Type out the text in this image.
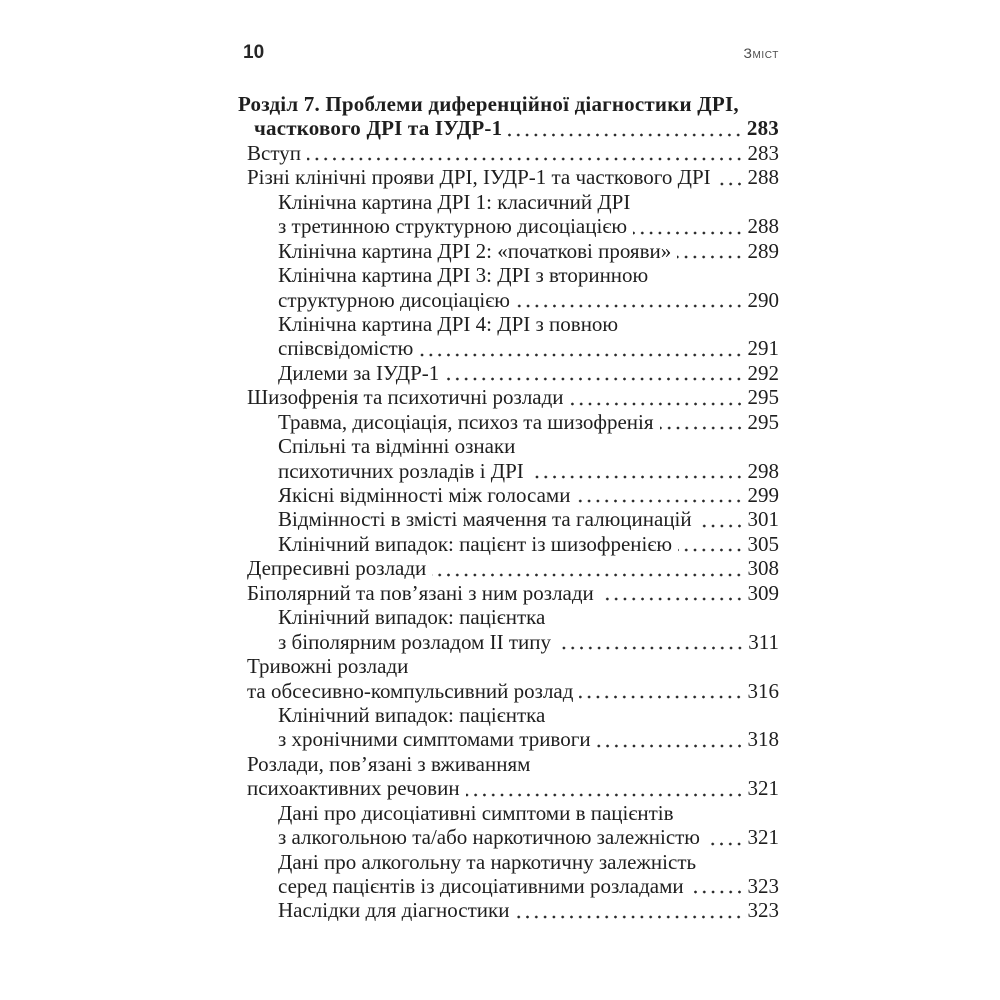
10	Зміст
Розділ 7. Проблеми диференційної діагностики ДРІ,
часткового ДРІ та ІУДР-1	283
Вступ	283
Різні клінічні прояви ДРІ, ІУДР-1 та часткового ДРІ 288
Клінічна картина ДРІ 1: класичний ДРІ
з третинною структурною дисоціацією	288
Клінічна картина ДРІ 2: «початкові прояви»	289
Клінічна картина ДРІ 3: ДРІ з вторинною
структурною дисоціацією	290
Клінічна картина ДРІ 4: ДРІ з повною
співсвідомістю	291
Дилеми за ІУДР-1	292
Шизофренія та психотичні розлади	295
Травма, дисоціація, психоз та шизофренія	295
Спільні та відмінні ознаки
психотичних розладів і ДРІ	298
Якісні відмінності між голосами	299
Відмінності в змісті маячення та галюцинацій	301
Клінічний випадок: пацієнт із шизофренією	305
Депресивні розлади	308
Біполярний та пов’язані з ним розлади	309
Клінічний випадок: пацієнтка
з біполярним розладом II типу	311
Тривожні розлади
та обсесивно-компульсивний розлад	316
Клінічний випадок: пацієнтка
з хронічними симптомами тривоги	318
Розлади, пов’язані з вживанням
психоактивних речовин	321
Дані про дисоціативні симптоми в пацієнтів
з алкогольною та/або наркотичною залежністю 321
Дані про алкогольну та наркотичну залежність
серед пацієнтів із дисоціативними розладами	323
Наслідки для діагностики	323
